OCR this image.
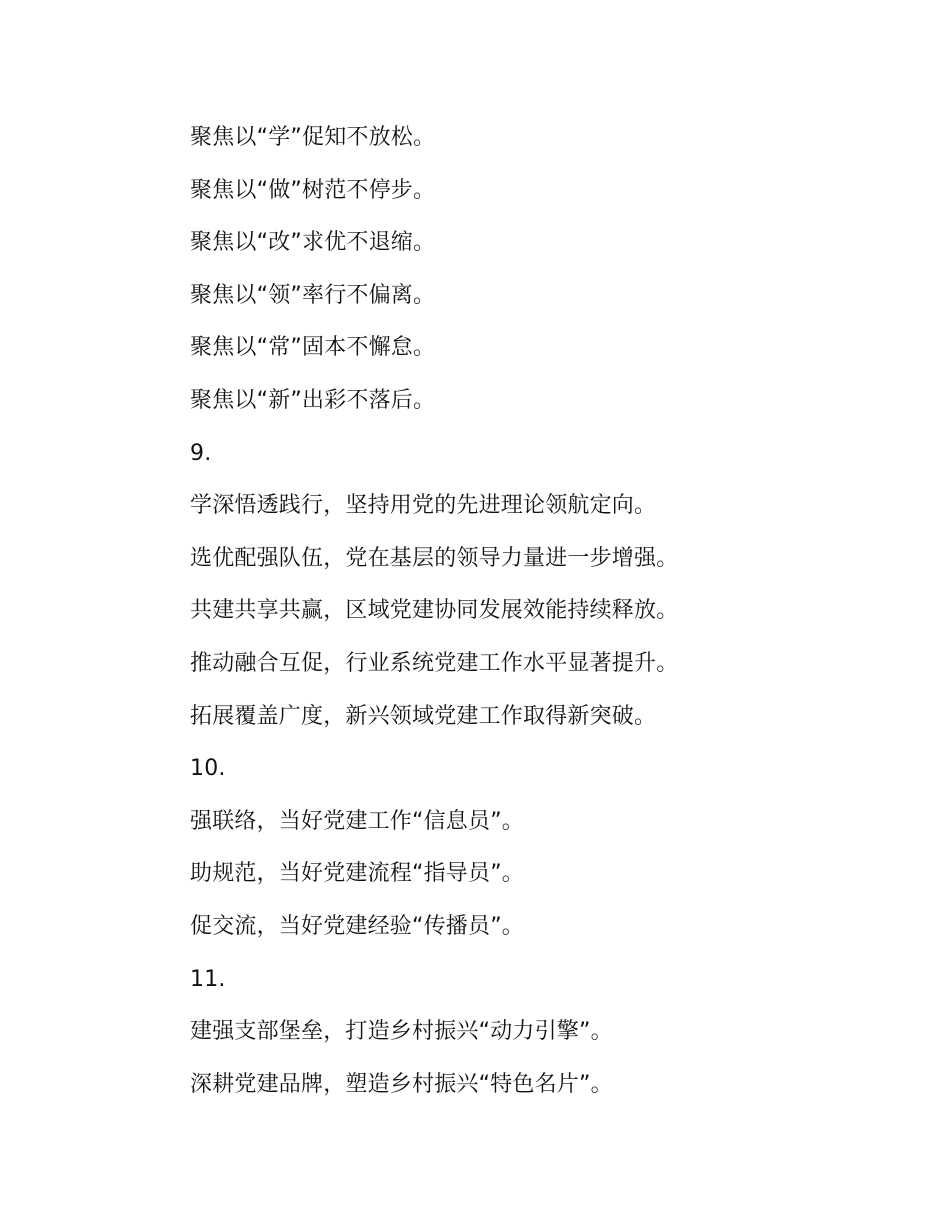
聚焦以“学”促知不放松。
聚焦以“做”树范不停步。
聚焦以“改”求优不退缩。
聚焦以“领”率行不偏离。
聚焦以“常”固本不懈怠。
聚焦以“新”出彩不落后。
9.
学深悟透践行，坚持用党的先进理论领航定向。
选优配强队伍，党在基层的领导力量进一步增强。
共建共享共赢，区域党建协同发展效能持续释放。
推动融合互促，行业系统党建工作水平显著提升。
拓展覆盖广度，新兴领域党建工作取得新突破。
10.
强联络，当好党建工作“信息员”。
助规范，当好党建流程“指导员”。
促交流，当好党建经验“传播员”。
11.
建强支部堡垒，打造乡村振兴“动力引擎”。
深耕党建品牌，塑造乡村振兴“特色名片”。
